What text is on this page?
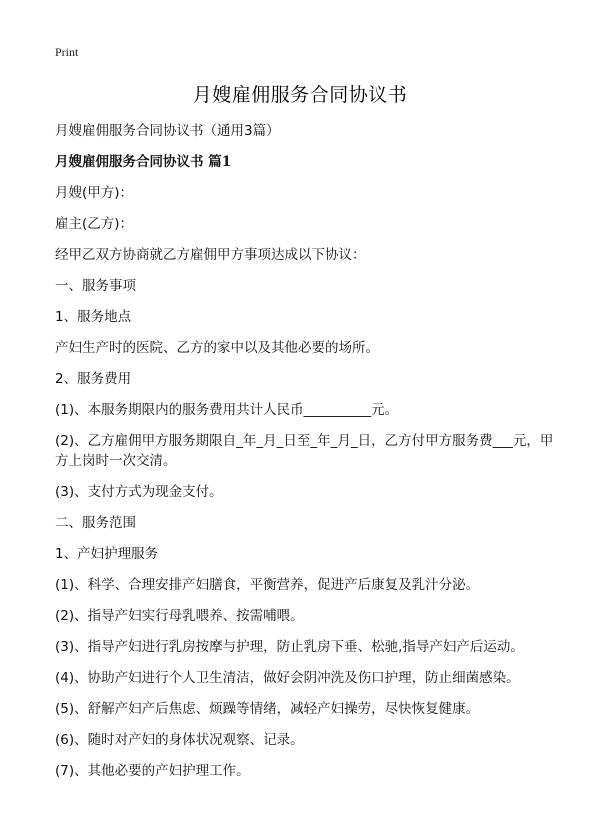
Print
月嫂雇佣服务合同协议书
月嫂雇佣服务合同协议书（通用3篇）
月嫂雇佣服务合同协议书 篇1
月嫂(甲方)：
雇主(乙方)：
经甲乙双方协商就乙方雇佣甲方事项达成以下协议：
一、服务事项
1、服务地点
产妇生产时的医院、乙方的家中以及其他必要的场所。
2、服务费用
(1)、本服务期限内的服务费用共计人民币__________元。
(2)、乙方雇佣甲方服务期限自_年_月_日至_年_月_日，乙方付甲方服务费___元，甲方上岗时一次交清。
(3)、支付方式为现金支付。
二、服务范围
1、产妇护理服务
(1)、科学、合理安排产妇膳食，平衡营养，促进产后康复及乳汁分泌。
(2)、指导产妇实行母乳喂养、按需哺喂。
(3)、指导产妇进行乳房按摩与护理，防止乳房下垂、松驰,指导产妇产后运动。
(4)、协助产妇进行个人卫生清洁，做好会阴冲洗及伤口护理，防止细菌感染。
(5)、舒解产妇产后焦虑、烦躁等情绪，减轻产妇操劳，尽快恢复健康。
(6)、随时对产妇的身体状况观察、记录。
(7)、其他必要的产妇护理工作。
